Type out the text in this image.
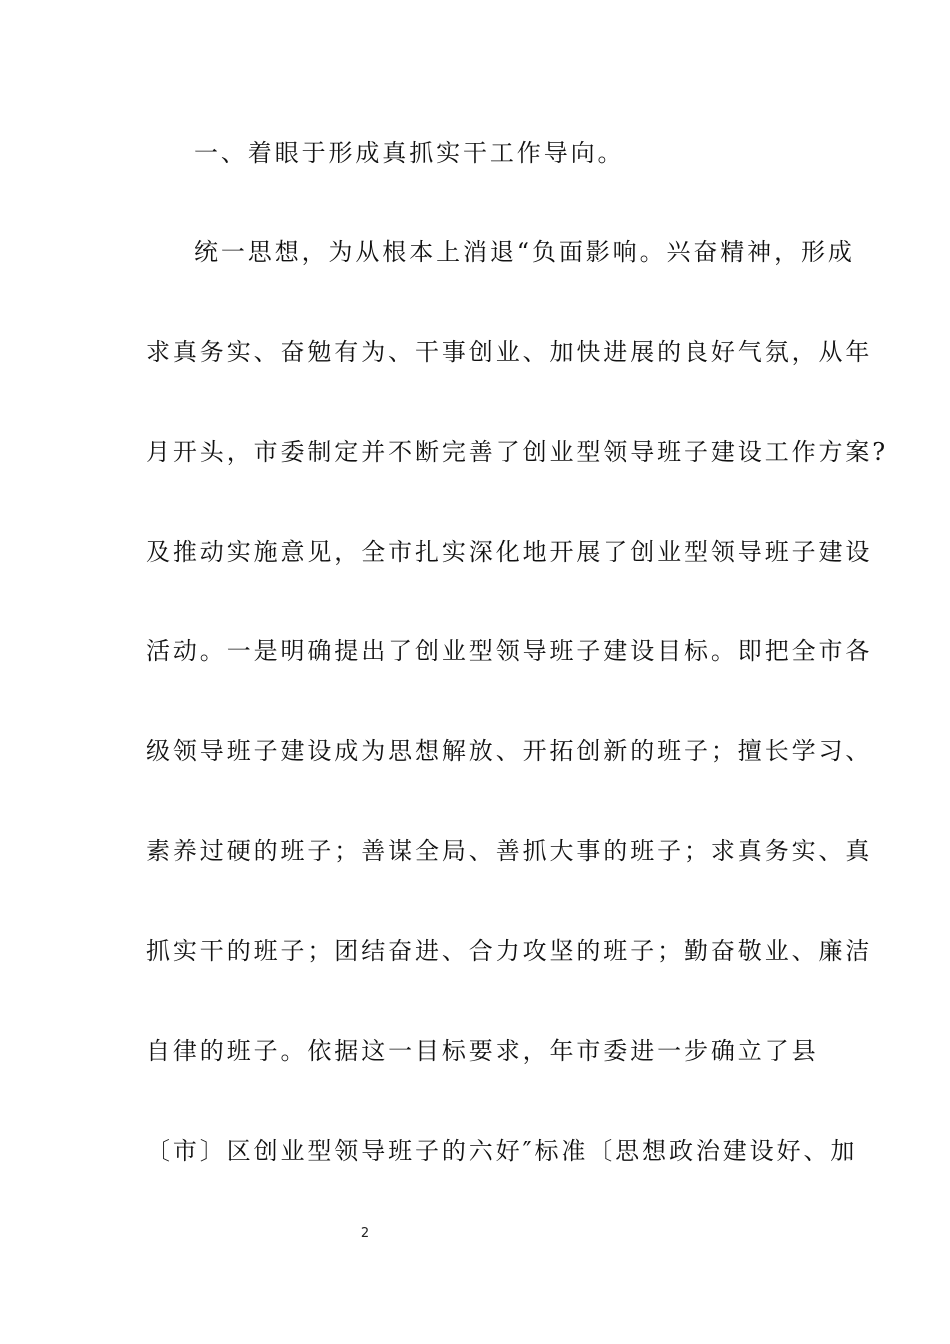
一、着眼于形成真抓实干工作导向。
统一思想，为从根本上消退“负面影响。兴奋精神，形成
求真务实、奋勉有为、干事创业、加快进展的良好气氛，从年
月开头，市委制定并不断完善了创业型领导班子建设工作方案?
及推动实施意见，全市扎实深化地开展了创业型领导班子建设
活动。一是明确提出了创业型领导班子建设目标。即把全市各
级领导班子建设成为思想解放、开拓创新的班子；擅长学习、
素养过硬的班子；善谋全局、善抓大事的班子；求真务实、真
抓实干的班子；团结奋进、合力攻坚的班子；勤奋敬业、廉洁
自律的班子。依据这一目标要求，年市委进一步确立了县
〔市〕区创业型领导班子的六好″标准〔思想政治建设好、加
2
